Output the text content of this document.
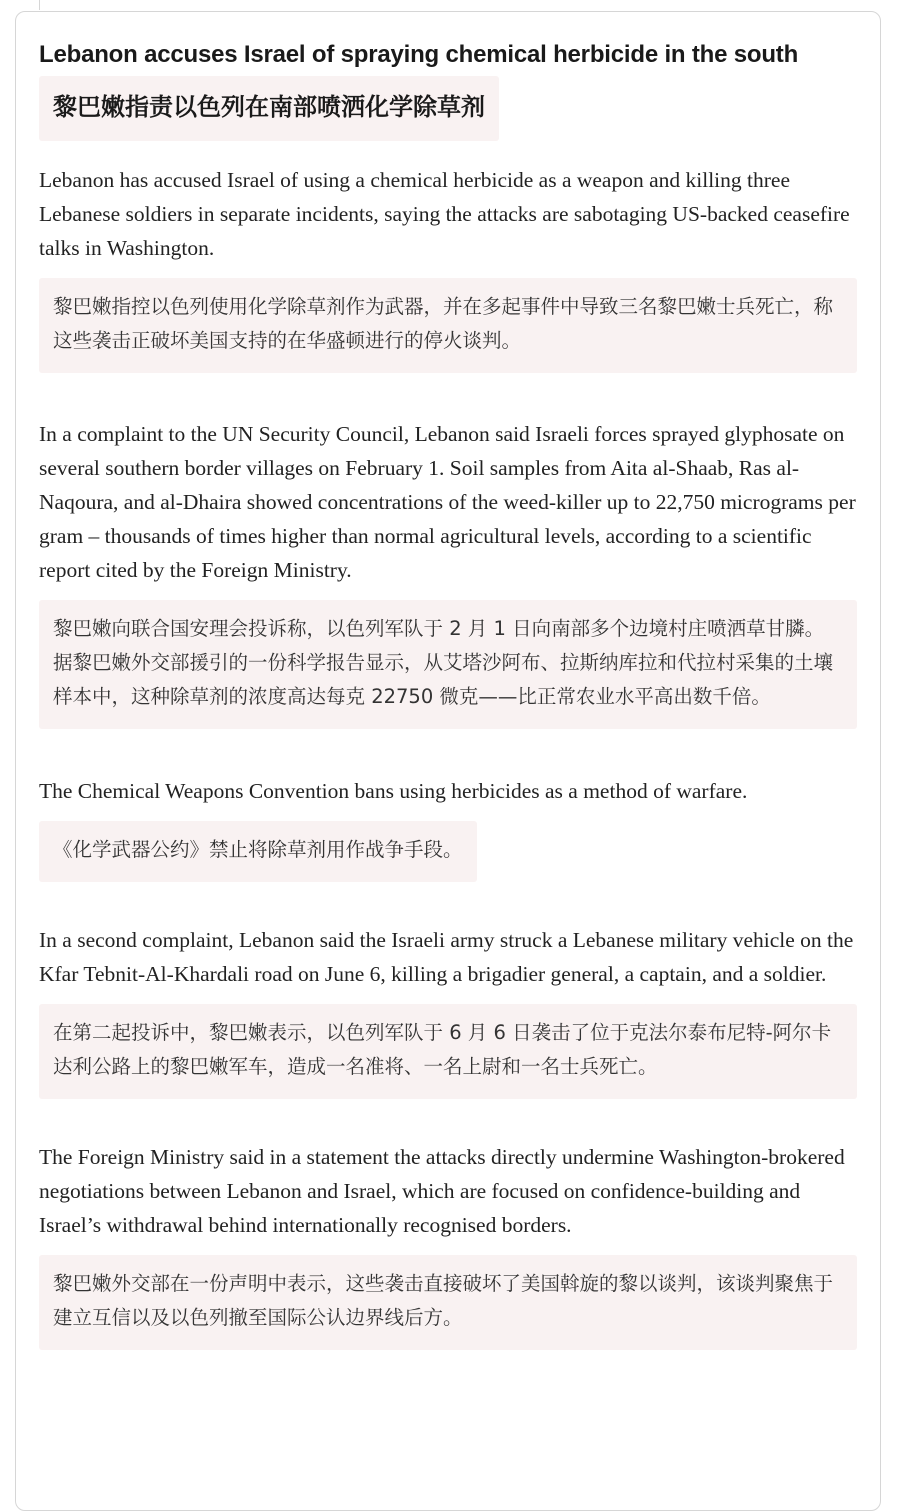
Lebanon accuses Israel of spraying chemical herbicide in the south
黎巴嫩指责以色列在南部喷洒化学除草剂

Lebanon has accused Israel of using a chemical herbicide as a weapon and killing three Lebanese soldiers in separate incidents, saying the attacks are sabotaging US-backed ceasefire talks in Washington.

黎巴嫩指控以色列使用化学除草剂作为武器，并在多起事件中导致三名黎巴嫩士兵死亡，称这些袭击正破坏美国支持的在华盛顿进行的停火谈判。

In a complaint to the UN Security Council, Lebanon said Israeli forces sprayed glyphosate on several southern border villages on February 1. Soil samples from Aita al-Shaab, Ras al-Naqoura, and al-Dhaira showed concentrations of the weed-killer up to 22,750 micrograms per gram – thousands of times higher than normal agricultural levels, according to a scientific report cited by the Foreign Ministry.

黎巴嫩向联合国安理会投诉称，以色列军队于 2 月 1 日向南部多个边境村庄喷洒草甘膦。据黎巴嫩外交部援引的一份科学报告显示，从艾塔沙阿布、拉斯纳库拉和代拉村采集的土壤样本中，这种除草剂的浓度高达每克 22750 微克——比正常农业水平高出数千倍。

The Chemical Weapons Convention bans using herbicides as a method of warfare.

《化学武器公约》禁止将除草剂用作战争手段。

In a second complaint, Lebanon said the Israeli army struck a Lebanese military vehicle on the Kfar Tebnit-Al-Khardali road on June 6, killing a brigadier general, a captain, and a soldier.

在第二起投诉中，黎巴嫩表示，以色列军队于 6 月 6 日袭击了位于克法尔泰布尼特-阿尔卡达利公路上的黎巴嫩军车，造成一名准将、一名上尉和一名士兵死亡。

The Foreign Ministry said in a statement the attacks directly undermine Washington-brokered negotiations between Lebanon and Israel, which are focused on confidence-building and Israel’s withdrawal behind internationally recognised borders.

黎巴嫩外交部在一份声明中表示，这些袭击直接破坏了美国斡旋的黎以谈判，该谈判聚焦于建立互信以及以色列撤至国际公认边界线后方。
